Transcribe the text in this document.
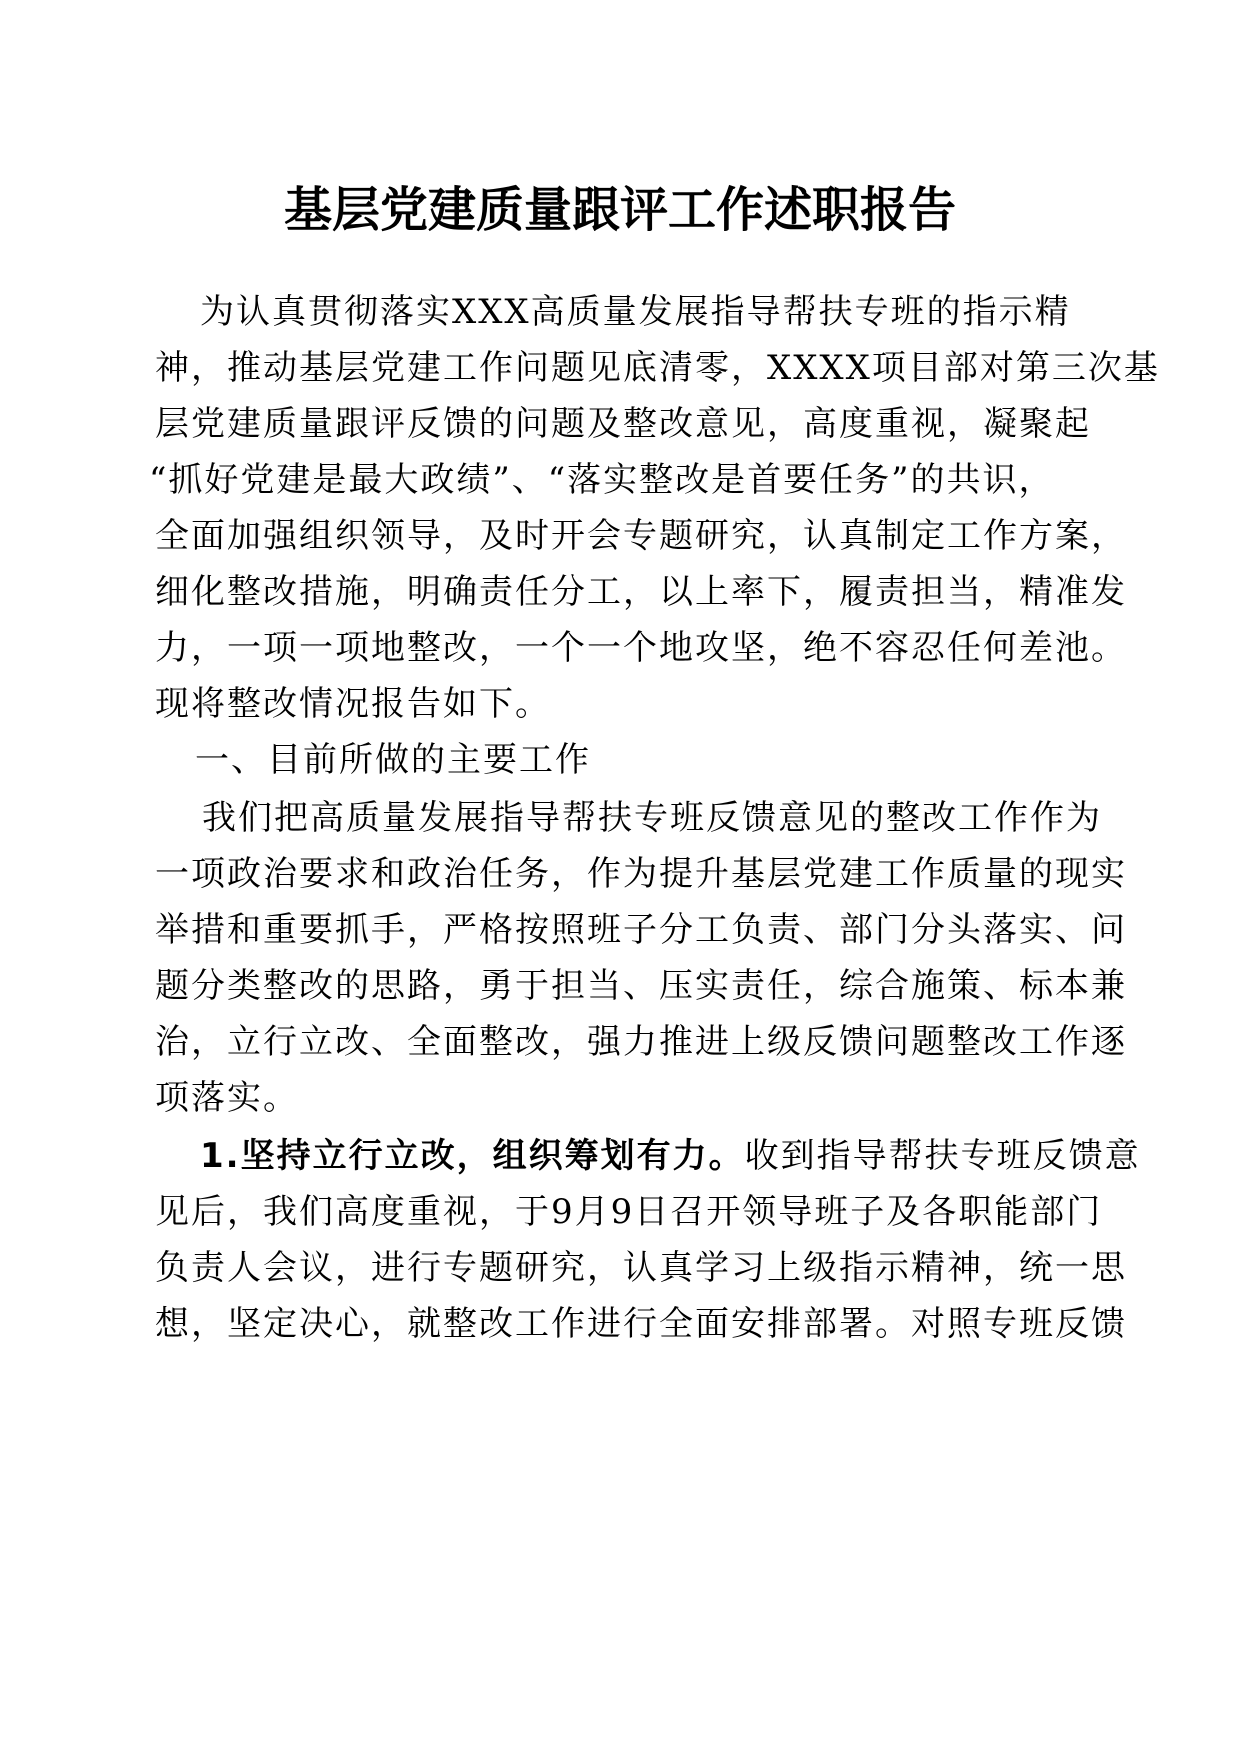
基层党建质量跟评工作述职报告
为认真贯彻落实XXX高质量发展指导帮扶专班的指示精
神，推动基层党建工作问题见底清零，XXXX项目部对第三次基
层党建质量跟评反馈的问题及整改意见，高度重视，凝聚起
“抓好党建是最大政绩”、“落实整改是首要任务”的共识，
全面加强组织领导，及时开会专题研究，认真制定工作方案，
细化整改措施，明确责任分工，以上率下，履责担当，精准发
力，一项一项地整改，一个一个地攻坚，绝不容忍任何差池。
现将整改情况报告如下。
一、目前所做的主要工作
我们把高质量发展指导帮扶专班反馈意见的整改工作作为
一项政治要求和政治任务，作为提升基层党建工作质量的现实
举措和重要抓手，严格按照班子分工负责、部门分头落实、问
题分类整改的思路，勇于担当、压实责任，综合施策、标本兼
治，立行立改、全面整改，强力推进上级反馈问题整改工作逐
项落实。
1.坚持立行立改，组织筹划有力。收到指导帮扶专班反馈意
见后，我们高度重视，于9月9日召开领导班子及各职能部门
负责人会议，进行专题研究，认真学习上级指示精神，统一思
想，坚定决心，就整改工作进行全面安排部署。对照专班反馈
